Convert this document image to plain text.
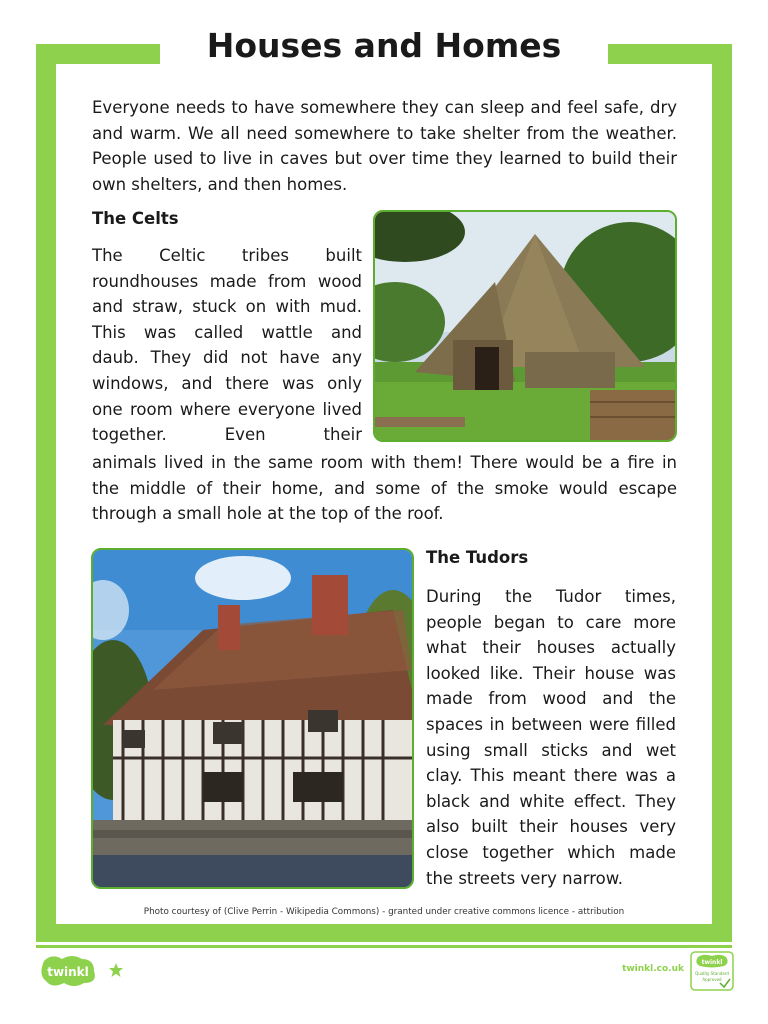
Houses and Homes

Everyone needs to have somewhere they can sleep and feel safe, dry and warm. We all need somewhere to take shelter from the weather. People used to live in caves but over time they learned to build their own shelters, and then homes.

The Celts

The Celtic tribes built roundhouses made from wood and straw, stuck on with mud. This was called wattle and daub. They did not have any windows, and there was only one room where everyone lived together. Even their

animals lived in the same room with them! There would be a fire in the middle of their home, and some of the smoke would escape through a small hole at the top of the roof.

The Tudors

During the Tudor times, people began to care more what their houses actually looked like. Their house was made from wood and the spaces in between were filled using small sticks and wet clay. This meant there was a black and white effect. They also built their houses very close together which made the streets very narrow.

Photo courtesy of (Clive Perrin - Wikipedia Commons) - granted under creative commons licence - attribution

twinkl	twinkl.co.uk
twinkl
Quality Standard
Approved
